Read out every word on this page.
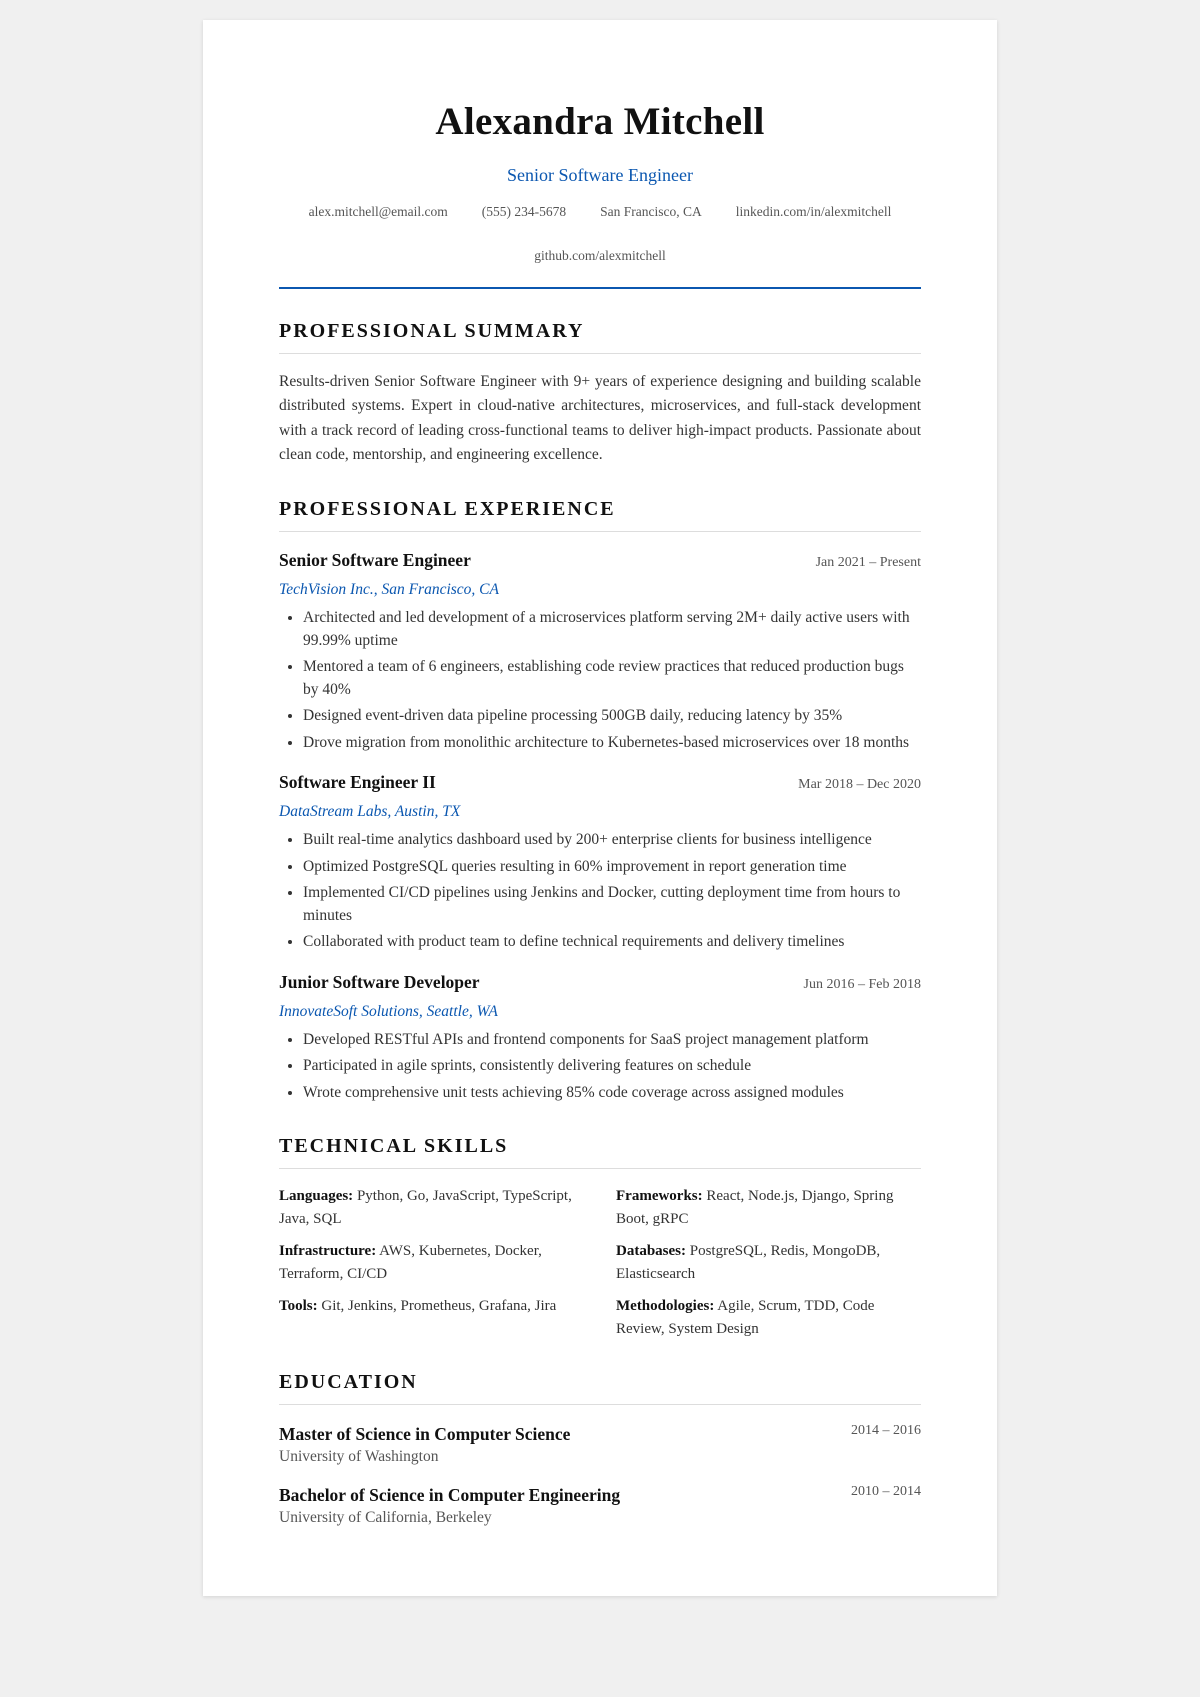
Alexandra Mitchell
Senior Software Engineer
alex.mitchell@email.com	(555) 234-5678	San Francisco, CA	linkedin.com/in/alexmitchell
github.com/alexmitchell
PROFESSIONAL SUMMARY

Results-driven Senior Software Engineer with 9+ years of experience designing and building scalable distributed systems. Expert in cloud-native architectures, microservices, and full-stack development with a track record of leading cross-functional teams to deliver high-impact products. Passionate about clean code, mentorship, and engineering excellence.

PROFESSIONAL EXPERIENCE
Senior Software Engineer	Jan 2021 – Present
TechVision Inc., San Francisco, CA
• Architected and led development of a microservices platform serving 2M+ daily active users with 99.99% uptime
• Mentored a team of 6 engineers, establishing code review practices that reduced production bugs by 40%
• Designed event-driven data pipeline processing 500GB daily, reducing latency by 35%
• Drove migration from monolithic architecture to Kubernetes-based microservices over 18 months
Software Engineer II	Mar 2018 – Dec 2020
DataStream Labs, Austin, TX
• Built real-time analytics dashboard used by 200+ enterprise clients for business intelligence
• Optimized PostgreSQL queries resulting in 60% improvement in report generation time
• Implemented CI/CD pipelines using Jenkins and Docker, cutting deployment time from hours to minutes
• Collaborated with product team to define technical requirements and delivery timelines
Junior Software Developer	Jun 2016 – Feb 2018
InnovateSoft Solutions, Seattle, WA
• Developed RESTful APIs and frontend components for SaaS project management platform
• Participated in agile sprints, consistently delivering features on schedule
• Wrote comprehensive unit tests achieving 85% code coverage across assigned modules
TECHNICAL SKILLS
Languages: Python, Go, JavaScript, TypeScript, Java, SQL
Frameworks: React, Node.js, Django, Spring Boot, gRPC
Infrastructure: AWS, Kubernetes, Docker, Terraform, CI/CD
Databases: PostgreSQL, Redis, MongoDB, Elasticsearch
Tools: Git, Jenkins, Prometheus, Grafana, Jira	Methodologies: Agile, Scrum, TDD, Code Review, System Design
EDUCATION
Master of Science in Computer Science
University of Washington
2014 – 2016
Bachelor of Science in Computer Engineering
University of California, Berkeley
2010 – 2014
